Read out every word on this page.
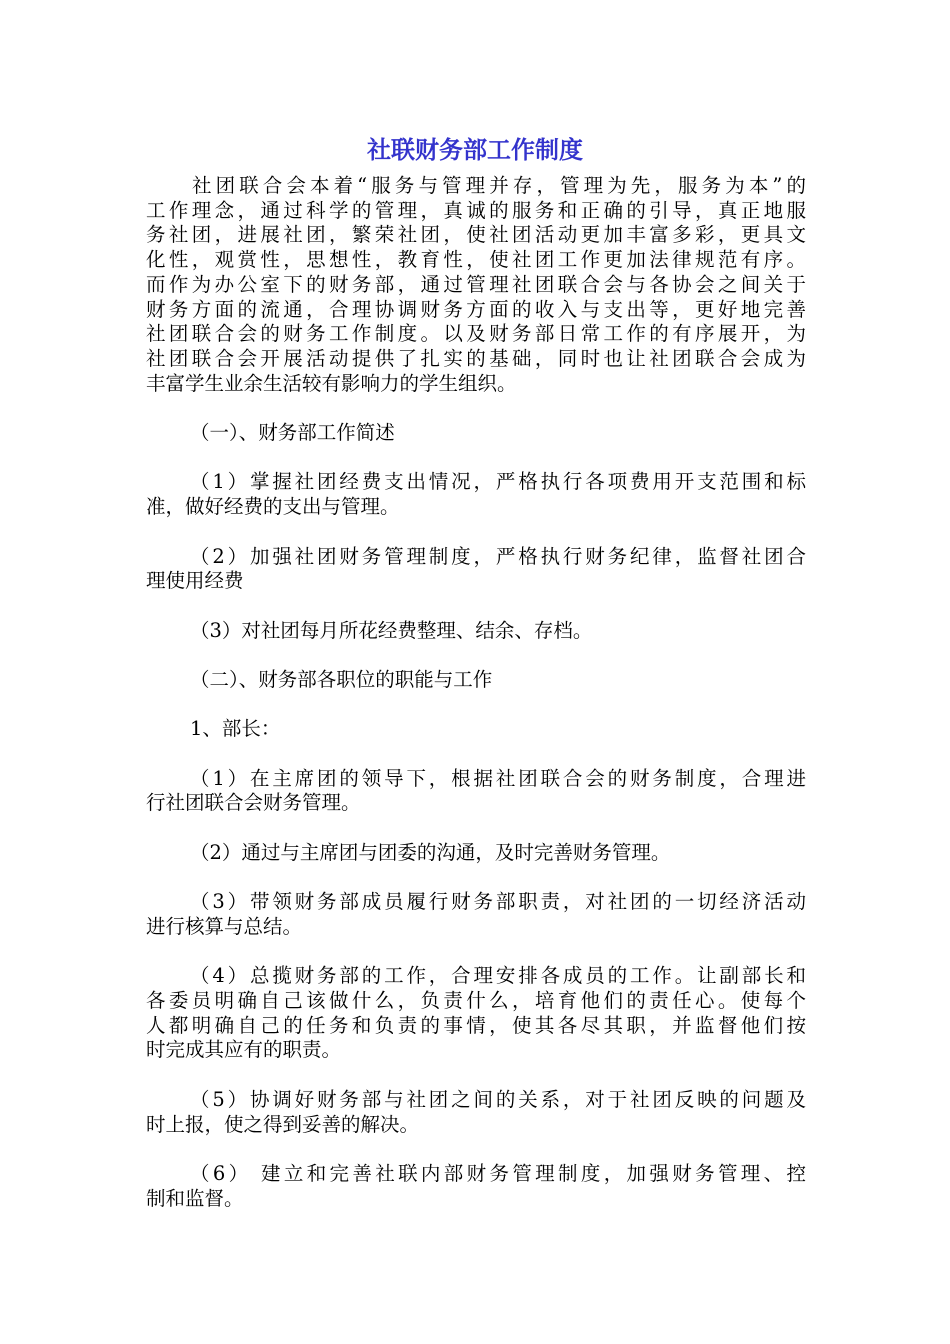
社联财务部工作制度
社团联合会本着“服务与管理并存，管理为先，服务为本”的
工作理念，通过科学的管理，真诚的服务和正确的引导，真正地服
务社团，进展社团，繁荣社团，使社团活动更加丰富多彩，更具文
化性，观赏性，思想性，教育性，使社团工作更加法律规范有序。
而作为办公室下的财务部，通过管理社团联合会与各协会之间关于
财务方面的流通，合理协调财务方面的收入与支出等，更好地完善
社团联合会的财务工作制度。以及财务部日常工作的有序展开，为
社团联合会开展活动提供了扎实的基础，同时也让社团联合会成为
丰富学生业余生活较有影响力的学生组织。
（一）、财务部工作简述
（1）掌握社团经费支出情况，严格执行各项费用开支范围和标
准，做好经费的支出与管理。
（2）加强社团财务管理制度，严格执行财务纪律，监督社团合
理使用经费
（3）对社团每月所花经费整理、结余、存档。
（二）、财务部各职位的职能与工作
1、部长：
（1）在主席团的领导下，根据社团联合会的财务制度，合理进
行社团联合会财务管理。
（2）通过与主席团与团委的沟通，及时完善财务管理。
（3）带领财务部成员履行财务部职责，对社团的一切经济活动
进行核算与总结。
（4）总揽财务部的工作，合理安排各成员的工作。让副部长和
各委员明确自己该做什么，负责什么，培育他们的责任心。使每个
人都明确自己的任务和负责的事情，使其各尽其职，并监督他们按
时完成其应有的职责。
（5）协调好财务部与社团之间的关系，对于社团反映的问题及
时上报，使之得到妥善的解决。
（6） 建立和完善社联内部财务管理制度，加强财务管理、控
制和监督。
